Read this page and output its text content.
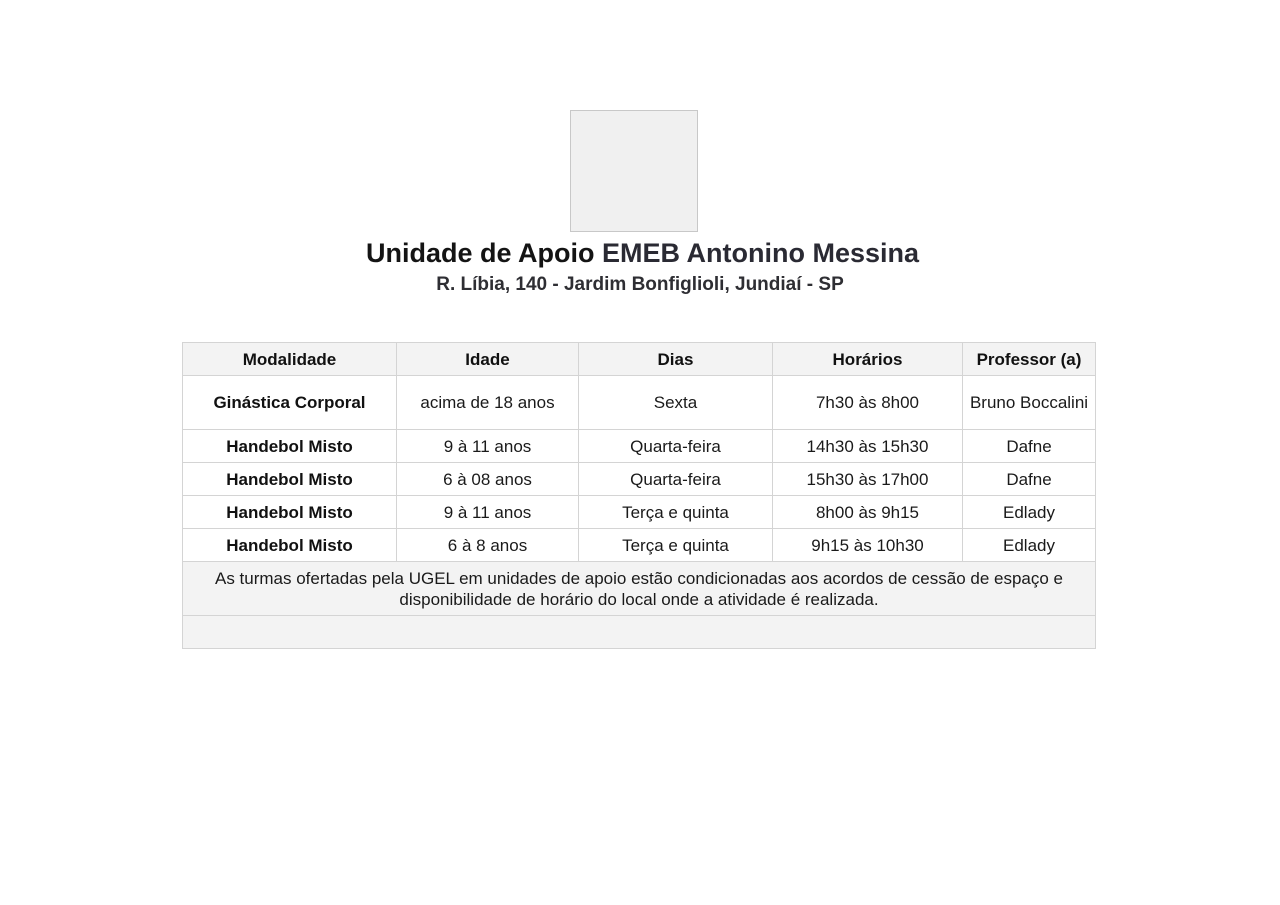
Unidade de Apoio EMEB Antonino Messina
R. Líbia, 140 - Jardim Bonfiglioli, Jundiaí - SP
Modalidade	Idade	Dias	Horários	Professor (a)
Ginástica Corporal	acima de 18 anos	Sexta	7h30 às 8h00	Bruno Boccalini
Handebol Misto	9 à 11 anos	Quarta-feira	14h30 às 15h30	Dafne
Handebol Misto	6 à 08 anos	Quarta-feira	15h30 às 17h00	Dafne
Handebol Misto	9 à 11 anos	Terça e quinta	8h00 às 9h15	Edlady
Handebol Misto	6 à 8 anos	Terça e quinta	9h15 às 10h30	Edlady
As turmas ofertadas pela UGEL em unidades de apoio estão condicionadas aos acordos de cessão de espaço e disponibilidade de horário do local onde a atividade é realizada.				
